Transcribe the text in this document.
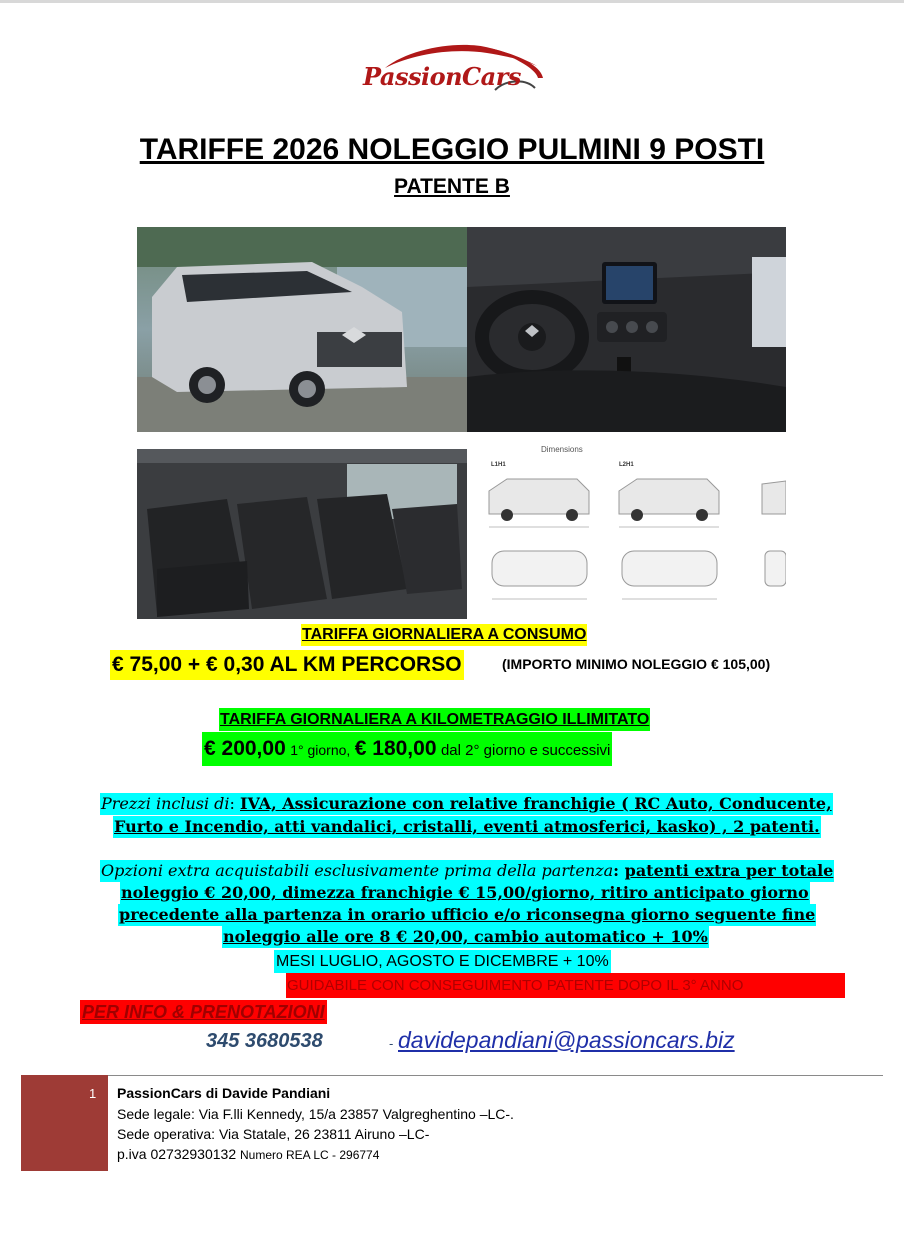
PassionCars
TARIFFE 2026 NOLEGGIO PULMINI 9 POSTI
PATENTE B
Dimensions
L1H1	L2H1
TARIFFA GIORNALIERA A CONSUMO
€ 75,00 + € 0,30 AL KM PERCORSO	(IMPORTO MINIMO NOLEGGIO € 105,00)
TARIFFA GIORNALIERA A KILOMETRAGGIO ILLIMITATO
€ 200,00 1° giorno, € 180,00 dal 2° giorno e successivi
Prezzi inclusi di: IVA, Assicurazione con relative franchigie ( RC Auto, Conducente,
Furto e Incendio, atti vandalici, cristalli, eventi atmosferici, kasko) , 2 patenti.
Opzioni extra acquistabili esclusivamente prima della partenza: patenti extra per totale
noleggio € 20,00, dimezza franchigie € 15,00/giorno, ritiro anticipato giorno
precedente alla partenza in orario ufficio e/o riconsegna giorno seguente fine
noleggio alle ore 8 € 20,00, cambio automatico + 10%
MESI LUGLIO, AGOSTO E DICEMBRE + 10%
GUIDABILE CON CONSEGUIMENTO PATENTE DOPO IL 3° ANNO
PER INFO & PRENOTAZIONI
345 3680538	- davidepandiani@passioncars.biz
1 PassionCars di Davide Pandiani
Sede legale: Via F.lli Kennedy, 15/a 23857 Valgreghentino –LC-.
Sede operativa: Via Statale, 26 23811 Airuno –LC-
p.iva 02732930132 Numero REA LC - 296774
